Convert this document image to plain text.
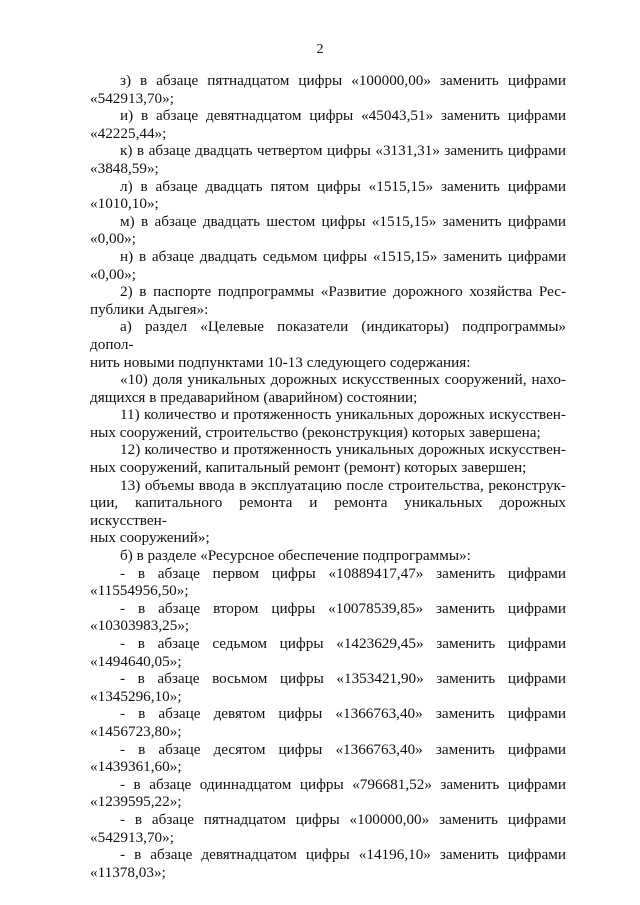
2

з) в абзаце пятнадцатом цифры «100000,00» заменить цифрами

«542913,70»;

и) в абзаце девятнадцатом цифры «45043,51» заменить цифрами

«42225,44»;

к) в абзаце двадцать четвертом цифры «3131,31» заменить цифрами

«3848,59»;

л) в абзаце двадцать пятом цифры «1515,15» заменить цифрами

«1010,10»;

м) в абзаце двадцать шестом цифры «1515,15» заменить цифрами

«0,00»;

н) в абзаце двадцать седьмом цифры «1515,15» заменить цифрами

«0,00»;

2) в паспорте подпрограммы «Развитие дорожного хозяйства Рес-

публики Адыгея»:

а) раздел «Целевые показатели (индикаторы) подпрограммы» допол-

нить новыми подпунктами 10-13 следующего содержания:

«10) доля уникальных дорожных искусственных сооружений, нахо-

дящихся в предаварийном (аварийном) состоянии;

11) количество и протяженность уникальных дорожных искусствен-

ных сооружений, строительство (реконструкция) которых завершена;

12) количество и протяженность уникальных дорожных искусствен-

ных сооружений, капитальный ремонт (ремонт) которых завершен;

13) объемы ввода в эксплуатацию после строительства, реконструк-

ции, капитального ремонта и ремонта уникальных дорожных искусствен-

ных сооружений»;

б) в разделе «Ресурсное обеспечение подпрограммы»:

- в абзаце первом цифры «10889417,47» заменить цифрами

«11554956,50»;

- в абзаце втором цифры «10078539,85» заменить цифрами

«10303983,25»;

- в абзаце седьмом цифры «1423629,45» заменить цифрами

«1494640,05»;

- в абзаце восьмом цифры «1353421,90» заменить цифрами

«1345296,10»;

- в абзаце девятом цифры «1366763,40» заменить цифрами

«1456723,80»;

- в абзаце десятом цифры «1366763,40» заменить цифрами

«1439361,60»;

- в абзаце одиннадцатом цифры «796681,52» заменить цифрами

«1239595,22»;

- в абзаце пятнадцатом цифры «100000,00» заменить цифрами

«542913,70»;

- в абзаце девятнадцатом цифры «14196,10» заменить цифрами

«11378,03»;
